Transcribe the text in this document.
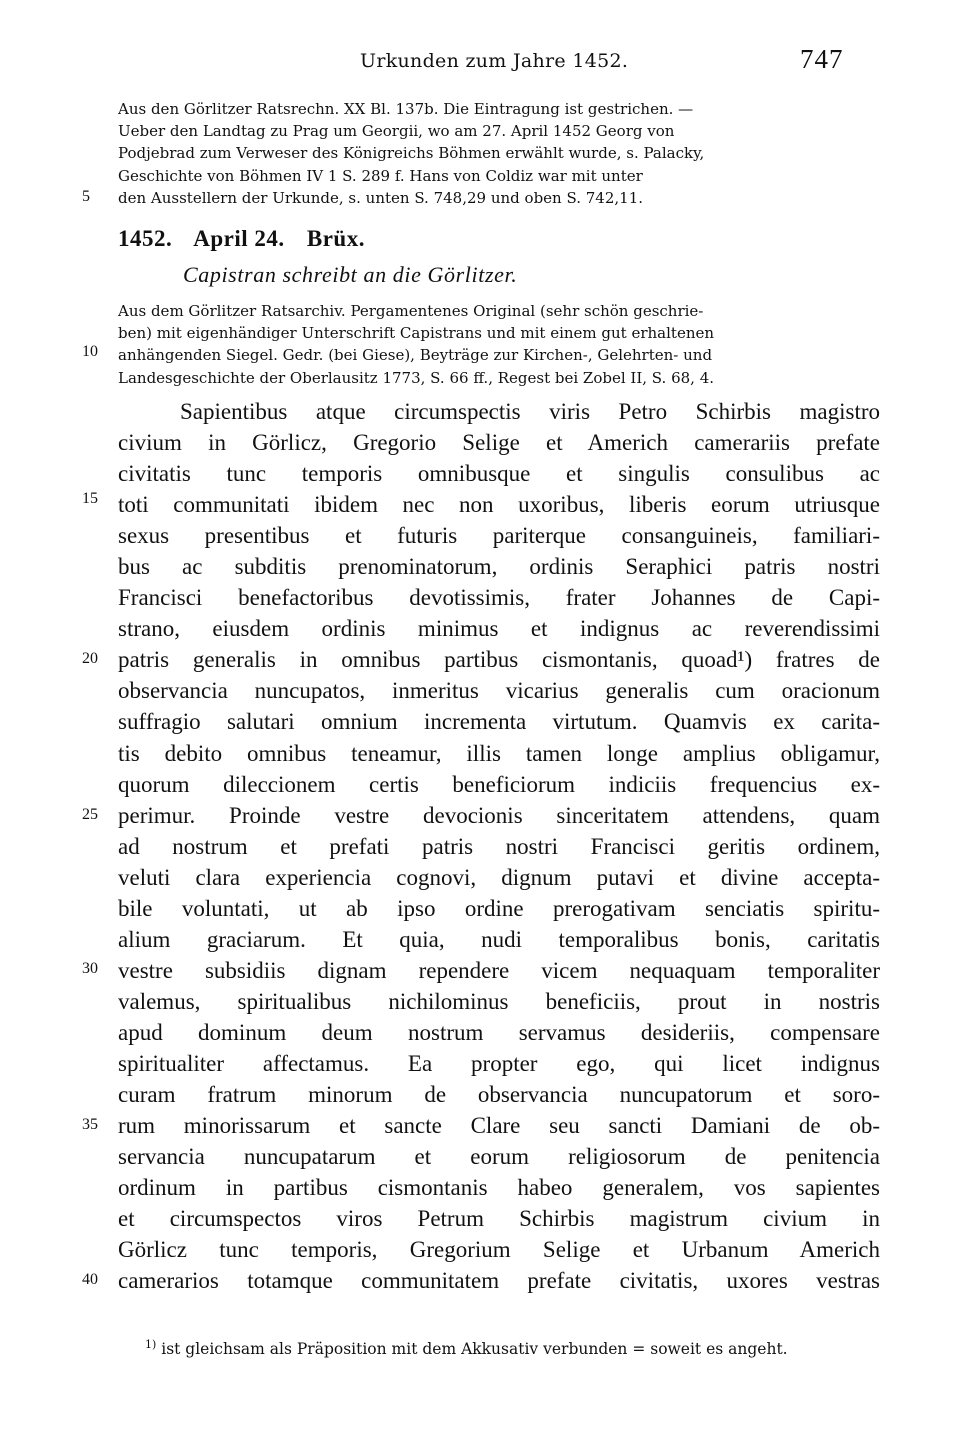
Urkunden zum Jahre 1452.	747
Aus den Görlitzer Ratsrechn. XX Bl. 137b. Die Eintragung ist gestrichen. —
Ueber den Landtag zu Prag um Georgii, wo am 27. April 1452 Georg von
Podjebrad zum Verweser des Königreichs Böhmen erwählt wurde, s. Palacky,
Geschichte von Böhmen IV 1 S. 289 f. Hans von Coldiz war mit unter
den Ausstellern der Urkunde, s. unten S. 748,29 und oben S. 742,11.
1452. April 24. Brüx.
Capistran schreibt an die Görlitzer.
Aus dem Görlitzer Ratsarchiv. Pergamentenes Original (sehr schön geschrie-
ben) mit eigenhändiger Unterschrift Capistrans und mit einem gut erhaltenen
anhängenden Siegel. Gedr. (bei Giese), Beyträge zur Kirchen-, Gelehrten- und
Landesgeschichte der Oberlausitz 1773, S. 66 ff., Regest bei Zobel II, S. 68, 4.
Sapientibus atque circumspectis viris Petro Schirbis magistro
civium in Görlicz, Gregorio Selige et Americh camerariis prefate
civitatis tunc temporis omnibusque et singulis consulibus ac
toti communitati ibidem nec non uxoribus, liberis eorum utriusque
sexus presentibus et futuris pariterque consanguineis, familiari-
bus ac subditis prenominatorum, ordinis Seraphici patris nostri
Francisci benefactoribus devotissimis, frater Johannes de Capi-
strano, eiusdem ordinis minimus et indignus ac reverendissimi
patris generalis in omnibus partibus cismontanis, quoad¹) fratres de
observancia nuncupatos, inmeritus vicarius generalis cum oracionum
suffragio salutari omnium incrementa virtutum. Quamvis ex carita-
tis debito omnibus teneamur, illis tamen longe amplius obligamur,
quorum dileccionem certis beneficiorum indiciis frequencius ex-
perimur. Proinde vestre devocionis sinceritatem attendens, quam
ad nostrum et prefati patris nostri Francisci geritis ordinem,
veluti clara experiencia cognovi, dignum putavi et divine accepta-
bile voluntati, ut ab ipso ordine prerogativam senciatis spiritu-
alium graciarum. Et quia, nudi temporalibus bonis, caritatis
vestre subsidiis dignam rependere vicem nequaquam temporaliter
valemus, spiritualibus nichilominus beneficiis, prout in nostris
apud dominum deum nostrum servamus desideriis, compensare
spiritualiter affectamus. Ea propter ego, qui licet indignus
curam fratrum minorum de observancia nuncupatorum et soro-
rum minorissarum et sancte Clare seu sancti Damiani de ob-
servancia nuncupatarum et eorum religiosorum de penitencia
ordinum in partibus cismontanis habeo generalem, vos sapientes
et circumspectos viros Petrum Schirbis magistrum civium in
Görlicz tunc temporis, Gregorium Selige et Urbanum Americh
camerarios totamque communitatem prefate civitatis, uxores vestras
$^{1)}$ ist gleichsam als Präposition mit dem Akkusativ verbunden = soweit es angeht.
5
10
15
20
25
30
35
40
